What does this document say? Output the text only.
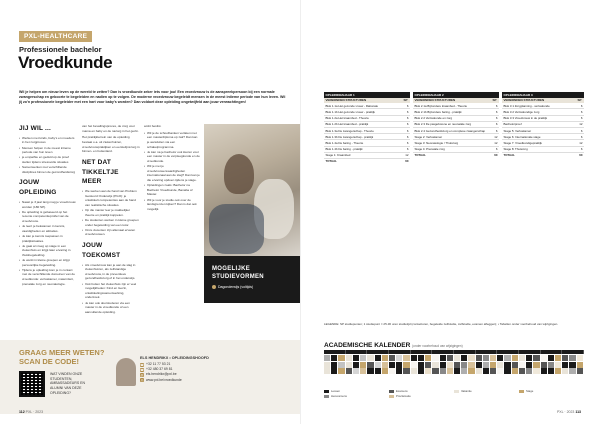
PXL-HEALTHCARE
Professionele bachelor
Vroedkunde
Wil je helpen om nieuw leven op de wereld te zetten? Dan is vroedkunde zeker iets voor jou! Een vroedvrouw is de aanspreekpersoon bij een normale zwangerschap en geboorte te begeleiden en nadien op te volgen. De moderne vroedvrouw begeleidt mensen in de meest intieme periode van hun leven. Wil jij zo'n professionele begeleider met een hart voor baby's worden? Dan voldoet deze opleiding ongetwijfeld aan jouw verwachtingen!
JIJ WIL ...
• Werken met kinds, baby's en moeders in het zorgproces
• Mensen helpen in de meest intieme periode van hun leven
• je empathie en geduld op de proef stellen tijdens stressvolle situaties
• Samenwerken met verschillende disciplines binnen de gezondheidszorg
JOUW OPLEIDING
• Naast je 3 jaar lang mag je vroedvrouw worden (180 SP).
• De opleiding is gebaseerd op het recente competentieprofiel van de vroedvrouw.
• Je leert je bekwamen in kennis, vaardigheden en attitudes.
• Je kan je kennis toepassen in praktijksituaties.
• Je gaat al vroeg op stage in een ziekenhuis en krijgt later ervaring in thuisbegeleiding.
• Je werkt in kleine groepen en krijgt persoonlijke begeleiding.
• Tijdens je opleiding kom je in contact met de verschillende domeinen van de vroedkunde: verloskamer, materniteit, prenatale zorg en neonatologie.

van het bevallingsproces, de zorg voor mama en baby en de nazorg in het gezin.

Het praktijkterrein van de opleiding bestaat o.a. uit ziekenhuizen, vroedvrouwpraktijken en eerstelijnszorg in binnen- en buitenland.

NET DAT TIKKELTJE MEER
• We werken aan de hand van Problem Gestuurd Onderwijs (PGO): je ontwikkelt competenties aan de hand van realistische situaties.
• Op die manier leer je makkelijker theorie en praktijk koppelen.
• De studenten werken in kleine groepen onder begeleiding van een tutor.
• Onze docenten zijn allemaal ervaren vroedvrouwen.
JOUW TOEKOMST
• Als vroedvrouw kan je aan de slag in ziekenhuizen, als zelfstandige vroedvrouw, in de preventieve gezondheidszorg of in het onderwijs.
• Ook buiten het ziekenhuis zijn er veel mogelijkheden: Kind en Gezin, ontwikkelingssamenwerking, onderzoek.
• Je kan ook doorstuderen via een master in de vroedkunde of een aanvullende opleiding.

ambt beslist.

• Wil je de schoolbanken verlaten met een masterdiploma op zak? Dan kan je aansluiten via een schakelprogramma.
• Je kan na je bachelor ook kiezen voor een master in de verpleegkunde en de vroedkunde.
• Wil je met je vroedvrouwenvaardigheden internationaal aan de slag? Dan kan je die ervaring opdoen tijdens je stage.
• Opleidingen zoals: Bachelor na Bachelor Vroedkunde, Banaba of Master.
• Wil je voor je studie ook over de landsgrenzen kijken? Dan is dat ook mogelijk.
MOGELIJKE
STUDIEVORMEN
Dagonderwijs (voltijds)
GRAAG MEER WETEN?
SCAN DE CODE!
WAT VINDEN ONZE STUDENTEN, AMBASSADEURS EN ALUMNI VAN DEZE OPLEIDING?
ELS HENDRIKX • OPLEIDINGSHOOFD
☎ +32 11 77 53 21
☎ +32 480 37 69 81
@ els.hendrikx@pxl.be
◎ www.pxl.be/vroedkunde
112 PXL · 2023	PXL · 2023 113
OPLEIDINGSJAAR 1	
VERBONDEN STRUCTUREN	SP
Blok 1.1a Het gezonde vrouw - Rationale	6
Blok 1.1b Het gezonde vrouw - praktijk	6
Blok 1.2a Het kraambed - Theorie	6
Blok 1.2b Het kraambed - praktijk	6
Blok 1.3a De zwangerschap - Theorie	6
Blok 1.3b De zwangerschap - praktijk	6
Blok 1.4a De baring - Theorie	6
Blok 1.4b De baring - praktijk	6
Stage 1: Kraambed	12
TOTAAL	60
OPLEIDINGSJAAR 2	
VERBONDEN STRUCTUREN	SP
Blok 2.1a Bijzondere kraambed - Theorie	6
Blok 2.1b Bijzondere baring - praktijk	6
Blok 2.2 Verloskunde en zorg	6
Blok 2.3 De pasgeborene en neonatale zorg	6
Blok 2.4 Gezondheidszorg en complexe zwangerschap	6
Stage 2: Verloskamer	12
Stage 3: Neonatologie / Thuiszorg	12
Stage 4: Prenatale zorg	6
TOTAAL	60
OPLEIDINGSJAAR 3	
VERBONDEN STRUCTUREN	SP
Blok 3.1 Zorgplanning - verloskunde	6
Blok 3.2 Verloskundige zorg	6
Blok 3.3 Vroedvrouw in de praktijk	6
Bachelorproef	12
Stage 5: Verloskamer	6
Stage 6: Internationale stage	6
Stage 7: Vroedkundigepraktijk	12
Stage 8: Thuiszorg	6
TOTAAL	60
LEGENDE: SP studiepunten; 1 studiepunt = 25-30 uren studietijd (contacturen, begeleide zelfstudie, zelfstudie, examen afleggen); • Tabellen onder voorbehoud van wijzigingen.
ACADEMISCHE KALENDER (onder voorbehoud van wijzigingen)
Lessen	Examens	Vakantie	Stage
Herexamens	Proclamatie
